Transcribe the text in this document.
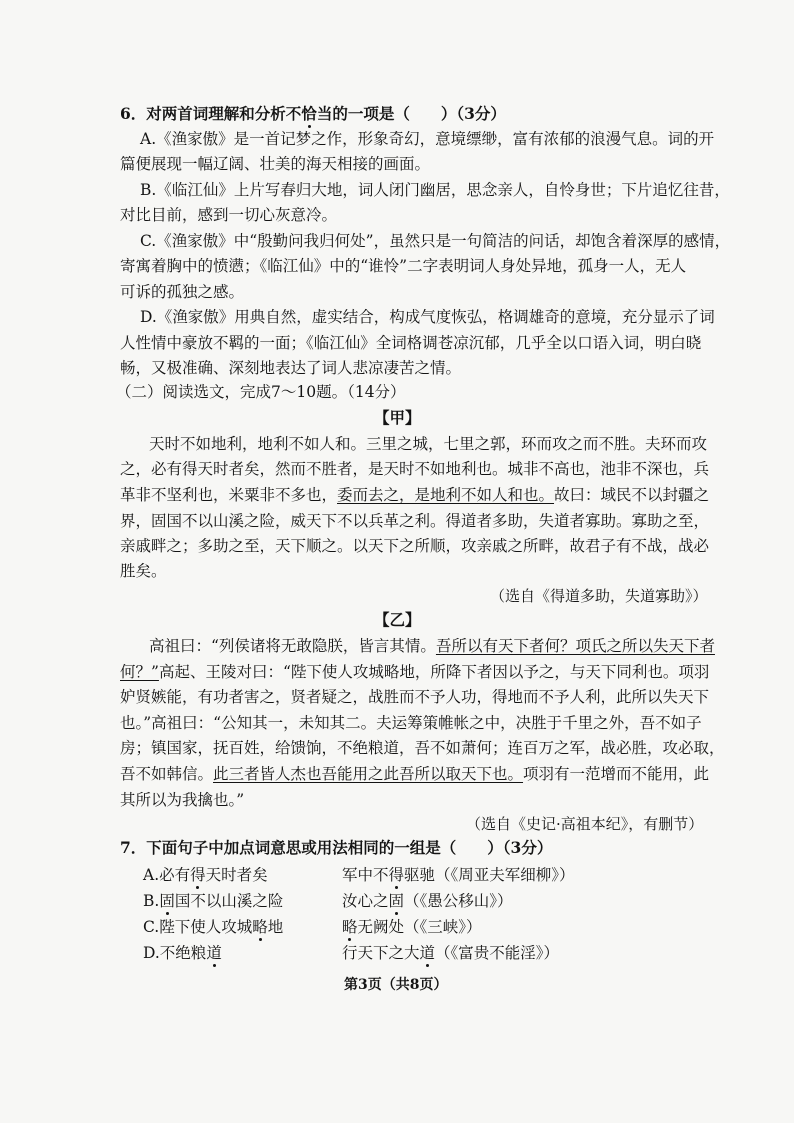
6．对两首词理解和分析不恰当的一项是（　　）（3分）
A.《渔家傲》是一首记梦之作，形象奇幻，意境缥缈，富有浓郁的浪漫气息。词的开
篇便展现一幅辽阔、壮美的海天相接的画面。
B.《临江仙》上片写春归大地，词人闭门幽居，思念亲人，自怜身世；下片追忆往昔，
对比目前，感到一切心灰意冷。
C.《渔家傲》中“殷勤问我归何处”，虽然只是一句简洁的问话，却饱含着深厚的感情，
寄寓着胸中的愤懑；《临江仙》中的“谁怜”二字表明词人身处异地，孤身一人，无人
可诉的孤独之感。
D.《渔家傲》用典自然，虚实结合，构成气度恢弘，格调雄奇的意境，充分显示了词
人性情中豪放不羁的一面；《临江仙》全词格调苍凉沉郁，几乎全以口语入词，明白晓
畅，又极准确、深刻地表达了词人悲凉凄苦之情。
（二）阅读选文，完成7～10题。（14分）
【甲】
天时不如地利，地利不如人和。三里之城，七里之郭，环而攻之而不胜。夫环而攻
之，必有得天时者矣，然而不胜者，是天时不如地利也。城非不高也，池非不深也，兵
革非不坚利也，米粟非不多也，委而去之，是地利不如人和也。故曰：域民不以封疆之
界，固国不以山溪之险，威天下不以兵革之利。得道者多助，失道者寡助。寡助之至，
亲戚畔之；多助之至，天下顺之。以天下之所顺，攻亲戚之所畔，故君子有不战，战必
胜矣。
（选自《得道多助，失道寡助》）
【乙】
高祖曰：“列侯诸将无敢隐朕，皆言其情。吾所以有天下者何？项氏之所以失天下者
何？”高起、王陵对曰：“陛下使人攻城略地，所降下者因以予之，与天下同利也。项羽
妒贤嫉能，有功者害之，贤者疑之，战胜而不予人功，得地而不予人利，此所以失天下
也。”高祖曰：“公知其一，未知其二。夫运筹策帷帐之中，决胜于千里之外，吾不如子
房；镇国家，抚百姓，给馈饷，不绝粮道，吾不如萧何；连百万之军，战必胜，攻必取，
吾不如韩信。此三者皆人杰也吾能用之此吾所以取天下也。项羽有一范增而不能用，此
其所以为我擒也。”
（选自《史记·高祖本纪》，有删节）
7．下面句子中加点词意思或用法相同的一组是（　　）（3分）
A.必有得天时者矣	军中不得驱驰（《周亚夫军细柳》）
B.固国不以山溪之险	汝心之固（《愚公移山》）
C.陛下使人攻城略地	略无阙处（《三峡》）
D.不绝粮道	行天下之大道（《富贵不能淫》）
第3页（共8页）
